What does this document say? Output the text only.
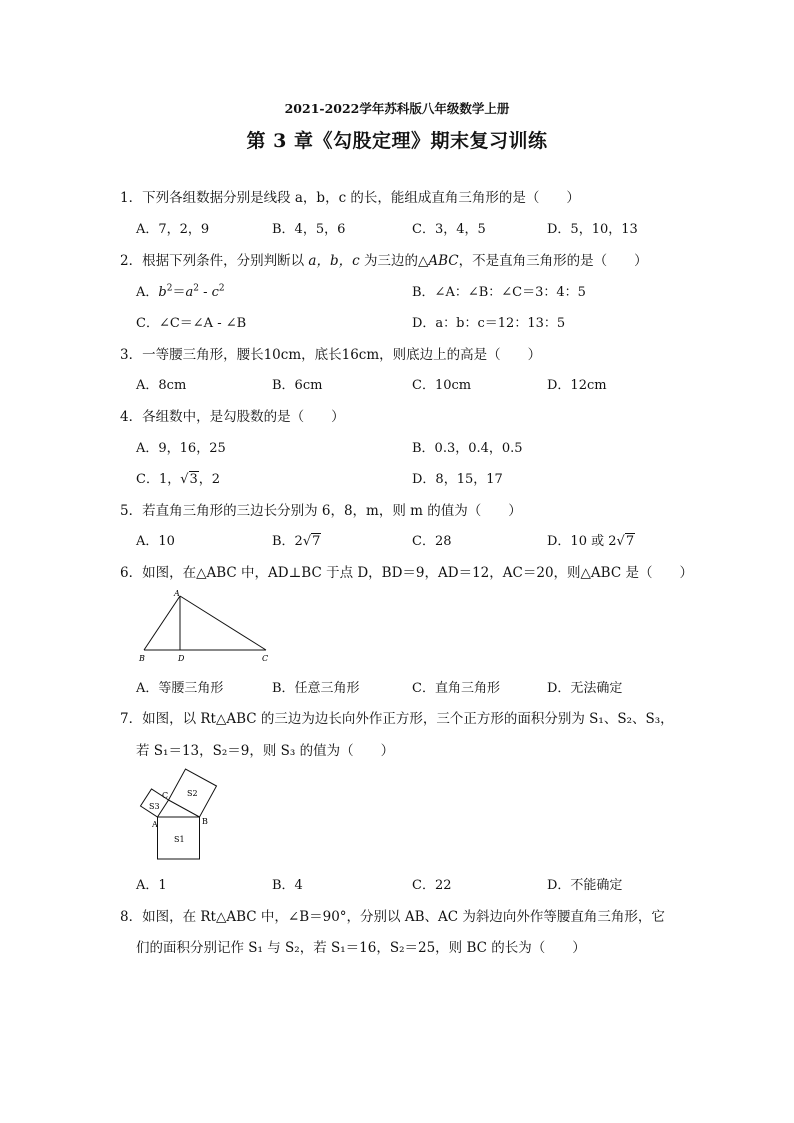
2021-2022学年苏科版八年级数学上册
第 3 章《勾股定理》期末复习训练
1．下列各组数据分别是线段 a，b，c 的长，能组成直角三角形的是（　　）
A．7，2，9	B．4，5，6	C．3，4，5	D．5，10，13
2．根据下列条件，分别判断以 a，b，c 为三边的△ABC，不是直角三角形的是（　　）
A．$b^2=a^2 - c^2$	B．∠A：∠B：∠C＝3：4：5
C．∠C＝∠A - ∠B	D．a：b：c＝12：13：5
3．一等腰三角形，腰长10cm，底长16cm，则底边上的高是（　　）
A．8cm	B．6cm	C．10cm	D．12cm
4．各组数中，是勾股数的是（　　）
A．9，16，25	B．0.3，0.4，0.5
C．1，√3，2	D．8，15，17
5．若直角三角形的三边长分别为 6，8，m，则 m 的值为（　　）
A．10	B．2√7	C．28	D．10 或 2√7
6．如图，在△ABC 中，AD⊥BC 于点 D，BD＝9，AD＝12，AC＝20，则△ABC 是（　　）
A
B	D	C
A．等腰三角形	B．任意三角形	C．直角三角形	D．无法确定
7．如图，以 Rt△ABC 的三边为边长向外作正方形，三个正方形的面积分别为 S₁、S₂、S₃，
若 S₁＝13，S₂＝9，则 S₃ 的值为（　　）
A	B
C
S1
S2
S3
A．1	B．4	C．22	D．不能确定
8．如图，在 Rt△ABC 中，∠B＝90°，分别以 AB、AC 为斜边向外作等腰直角三角形，它
们的面积分别记作 S₁ 与 S₂，若 S₁＝16，S₂＝25，则 BC 的长为（　　）
